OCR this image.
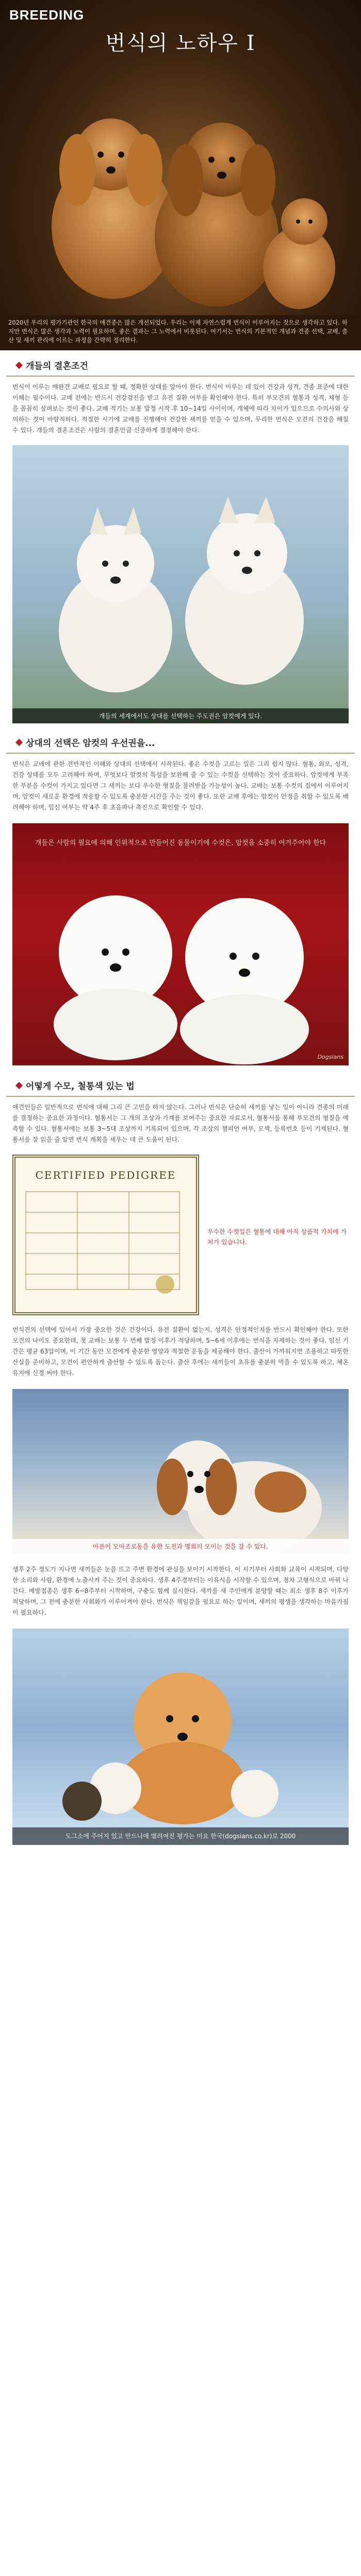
BREEDING
번식의 노하우 Ⅰ
2020년 우리의 평가기관인 한국의 애견종은 많은 개선되었다. 우리는 이제 자연스럽게 번식이 이루어지는 것으로 생각하고 있다. 하지만 번식은 많은 생각과 노력이 필요하며, 좋은 결과는 그 노력에서 비롯된다. 여기서는 번식의 기본적인 개념과 견종 선택, 교배, 출산 및 새끼 관리에 이르는 과정을 간략히 정리한다.
개들의 결혼조건
번식이 이루는 애완견 교배로 필요로 할 때, 정확한 상태를 알아야 한다. 번식이 이루는 데 있어 건강과 성격, 견종 표준에 대한 이해는 필수이다. 교배 전에는 반드시 건강검진을 받고 유전 질환 여부를 확인해야 한다. 특히 부모견의 혈통과 성격, 체형 등을 꼼꼼히 살펴보는 것이 좋다. 교배 적기는 보통 발정 시작 후 10~14일 사이이며, 개체에 따라 차이가 있으므로 수의사와 상의하는 것이 바람직하다. 적절한 시기에 교배를 진행해야 건강한 새끼를 얻을 수 있으며, 무리한 번식은 모견의 건강을 해칠 수 있다. 개들의 결혼조건은 사람의 결혼만큼 신중하게 결정해야 한다.
개들의 세계에서도 상대를 선택하는 주도권은 암컷에게 있다.
상대의 선택은 암컷의 우선권을...
번식은 교배에 관한 전반적인 이해와 상대의 선택에서 시작된다. 좋은 수컷을 고르는 일은 그리 쉽지 않다. 혈통, 외모, 성격, 건강 상태를 모두 고려해야 하며, 무엇보다 암컷의 특성을 보완해 줄 수 있는 수컷을 선택하는 것이 중요하다. 암컷에게 부족한 부분을 수컷이 가지고 있다면 그 새끼는 보다 우수한 형질을 물려받을 가능성이 높다. 교배는 보통 수컷의 집에서 이루어지며, 암컷이 새로운 환경에 적응할 수 있도록 충분한 시간을 주는 것이 좋다. 또한 교배 후에는 암컷이 안정을 취할 수 있도록 배려해야 하며, 임신 여부는 약 4주 후 초음파나 촉진으로 확인할 수 있다.
개들은 사람의 필요에 의해 인위적으로 만들어진 동물이기에 수컷은, 암컷을 소중히 여겨주어야 한다
Dogsians
어떻게 수모, 철통색 있는 법
애견인들은 일반적으로 번식에 대해 그리 큰 고민을 하지 않는다. 그러나 번식은 단순히 새끼를 낳는 일이 아니라 견종의 미래를 결정하는 중요한 과정이다. 혈통서는 그 개의 조상과 가계를 보여주는 중요한 자료로서, 혈통서를 통해 부모견의 형질을 예측할 수 있다. 혈통서에는 보통 3~5대 조상까지 기록되어 있으며, 각 조상의 챔피언 여부, 모색, 등록번호 등이 기재된다. 혈통서를 잘 읽을 줄 알면 번식 계획을 세우는 데 큰 도움이 된다.
CERTIFIED PEDIGREE
우수한 수컷일은 혈통에 대해 아직 상품적 가치에 가치가 있습니다.
번식견의 선택에 있어서 가장 중요한 것은 건강이다. 유전 질환이 없는지, 성격은 안정적인지를 반드시 확인해야 한다. 또한 모견의 나이도 중요한데, 첫 교배는 보통 두 번째 발정 이후가 적당하며, 5~6세 이후에는 번식을 자제하는 것이 좋다. 임신 기간은 평균 63일이며, 이 기간 동안 모견에게 충분한 영양과 적절한 운동을 제공해야 한다. 출산이 가까워지면 조용하고 따뜻한 산실을 준비하고, 모견이 편안하게 출산할 수 있도록 돕는다. 출산 후에는 새끼들이 초유를 충분히 먹을 수 있도록 하고, 체온 유지에 신경 써야 한다.
아픈이 모아조로동을 유한 도전과 명회의 모이는 것을 갈 수 있다.
생후 2주 정도가 지나면 새끼들은 눈을 뜨고 주변 환경에 관심을 보이기 시작한다. 이 시기부터 사회화 교육이 시작되며, 다양한 소리와 사람, 환경에 노출시켜 주는 것이 중요하다. 생후 4주경부터는 이유식을 시작할 수 있으며, 점차 고형식으로 바꿔 나간다. 예방접종은 생후 6~8주부터 시작하며, 구충도 함께 실시한다. 새끼를 새 주인에게 분양할 때는 최소 생후 8주 이후가 적당하며, 그 전에 충분한 사회화가 이루어져야 한다. 번식은 책임감을 필요로 하는 일이며, 새끼의 평생을 생각하는 마음가짐이 필요하다.
도그소에 주어지 있고 만드니에 벌려여진 평가는 미요 한국(dogsians.co.kr)로 2000
